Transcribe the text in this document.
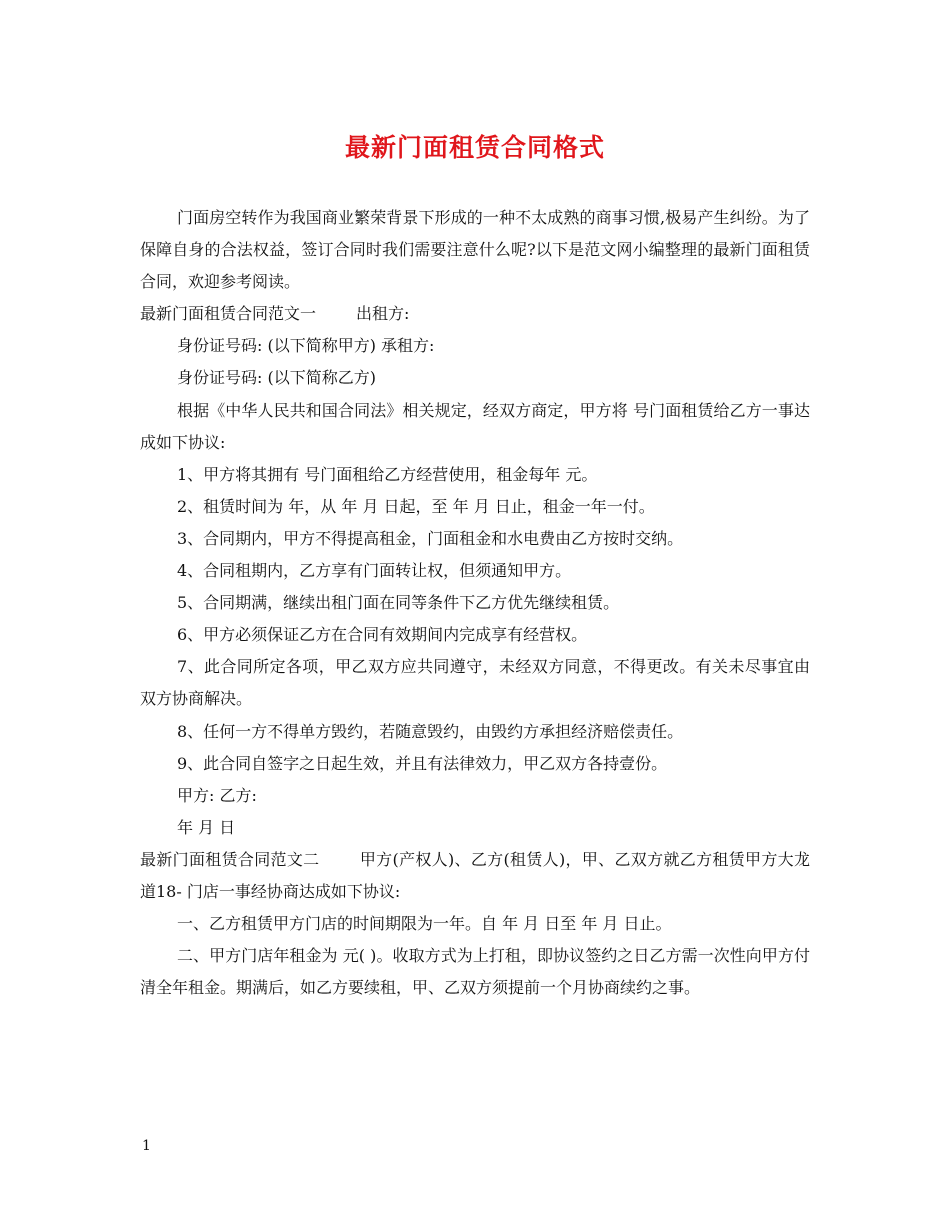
最新门面租赁合同格式

门面房空转作为我国商业繁荣背景下形成的一种不太成熟的商事习惯,极易产生纠纷。为了保障自身的合法权益，签订合同时我们需要注意什么呢?以下是范文网小编整理的最新门面租赁合同，欢迎参考阅读。

最新门面租赁合同范文一	出租方:

身份证号码: (以下简称甲方) 承租方:

身份证号码: (以下简称乙方)

根据《中华人民共和国合同法》相关规定，经双方商定，甲方将 号门面租赁给乙方一事达成如下协议:

1、甲方将其拥有 号门面租给乙方经营使用，租金每年 元。

2、租赁时间为 年，从 年 月 日起，至 年 月 日止，租金一年一付。

3、合同期内，甲方不得提高租金，门面租金和水电费由乙方按时交纳。

4、合同租期内，乙方享有门面转让权，但须通知甲方。

5、合同期满，继续出租门面在同等条件下乙方优先继续租赁。

6、甲方必须保证乙方在合同有效期间内完成享有经营权。

7、此合同所定各项，甲乙双方应共同遵守，未经双方同意，不得更改。有关未尽事宜由双方协商解决。

8、任何一方不得单方毁约，若随意毁约，由毁约方承担经济赔偿责任。

9、此合同自签字之日起生效，并且有法律效力，甲乙双方各持壹份。

甲方: 乙方:

年 月 日

最新门面租赁合同范文二	甲方(产权人)、乙方(租赁人)，甲、乙双方就乙方租赁甲方大龙道18- 门店一事经协商达成如下协议:

一、乙方租赁甲方门店的时间期限为一年。自 年 月 日至 年 月 日止。

二、甲方门店年租金为 元( )。收取方式为上打租，即协议签约之日乙方需一次性向甲方付清全年租金。期满后，如乙方要续租，甲、乙双方须提前一个月协商续约之事。

1
